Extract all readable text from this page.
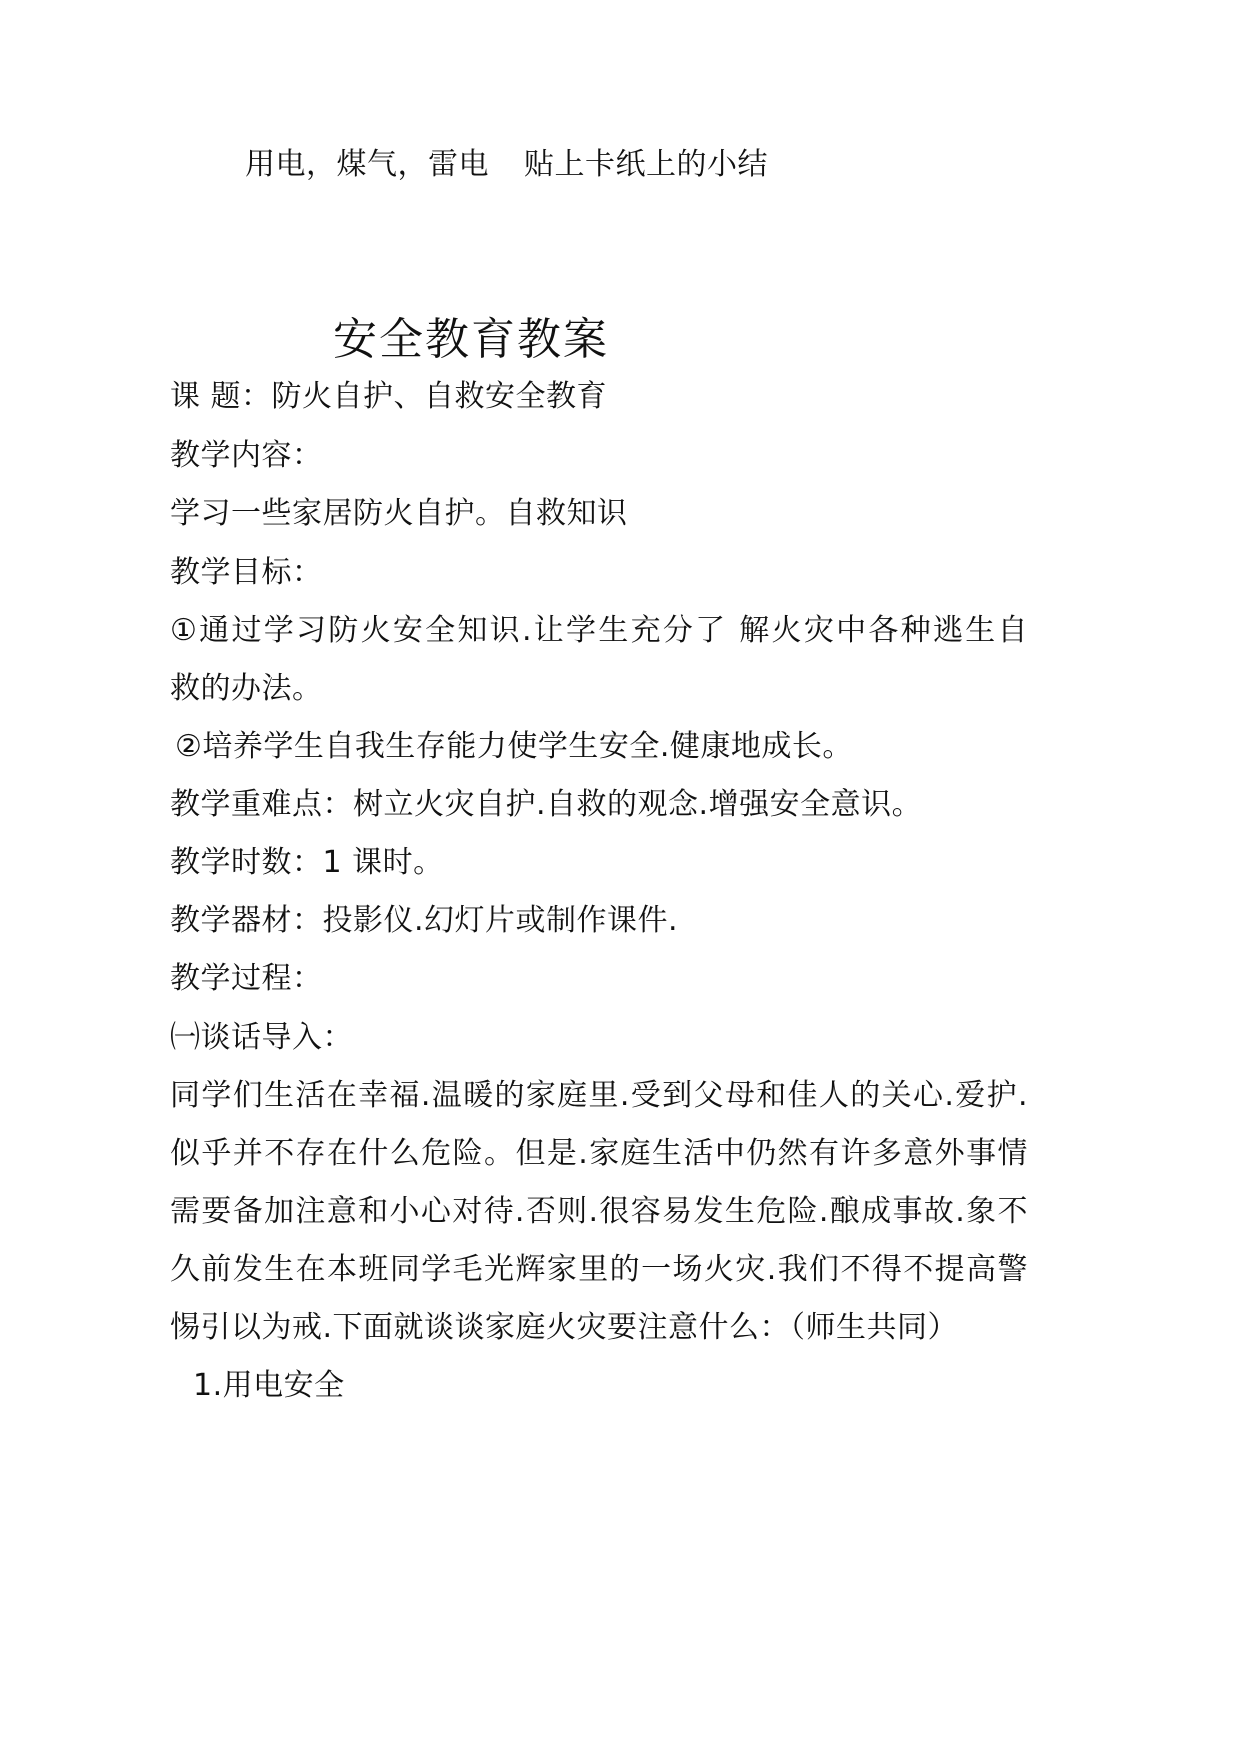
用电，煤气，雷电 贴上卡纸上的小结
安全教育教案
课 题：防火自护、自救安全教育
教学内容：
学习一些家居防火自护。自救知识
教学目标：
①通过学习防火安全知识.让学生充分了 解火灾中各种逃生自
救的办法。
②培养学生自我生存能力使学生安全.健康地成长。
教学重难点：树立火灾自护.自救的观念.增强安全意识。
教学时数：1 课时。
教学器材：投影仪.幻灯片或制作课件.
教学过程：
㈠谈话导入：
同学们生活在幸福.温暖的家庭里.受到父母和佳人的关心.爱护.
似乎并不存在什么危险。但是.家庭生活中仍然有许多意外事情
需要备加注意和小心对待.否则.很容易发生危险.酿成事故.象不
久前发生在本班同学毛光辉家里的一场火灾.我们不得不提高警
惕引以为戒.下面就谈谈家庭火灾要注意什么：（师生共同）
1.用电安全
